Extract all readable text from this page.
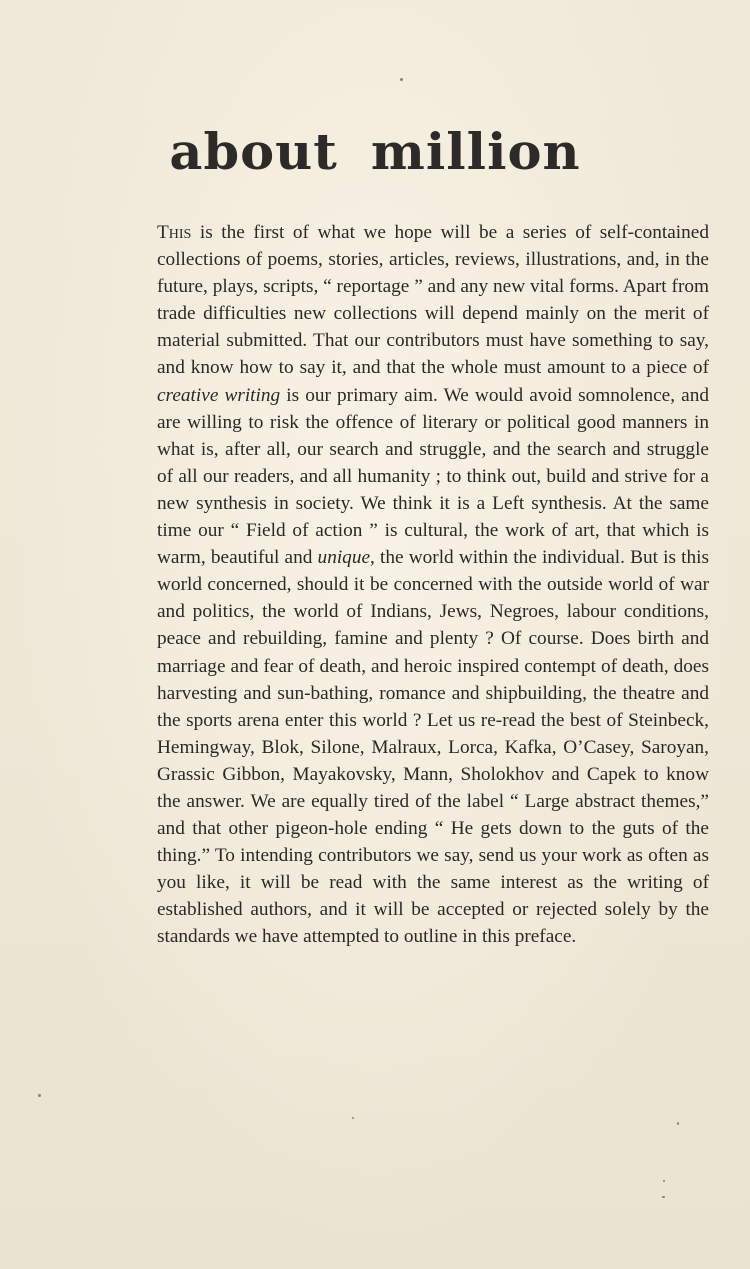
about million

This is the first of what we hope will be a series of self-contained collections of poems, stories, articles, reviews, illustrations, and, in the future, plays, scripts, “ reportage ” and any new vital forms. Apart from trade difficulties new collections will depend mainly on the merit of material submitted. That our contributors must have something to say, and know how to say it, and that the whole must amount to a piece of creative writing is our primary aim. We would avoid somnolence, and are willing to risk the offence of literary or political good manners in what is, after all, our search and struggle, and the search and struggle of all our readers, and all humanity ; to think out, build and strive for a new synthesis in society. We think it is a Left synthesis. At the same time our “ Field of action ” is cultural, the work of art, that which is warm, beautiful and unique, the world within the individual. But is this world concerned, should it be concerned with the outside world of war and politics, the world of Indians, Jews, Negroes, labour conditions, peace and rebuilding, famine and plenty ? Of course. Does birth and marriage and fear of death, and heroic inspired contempt of death, does harvesting and sun-bathing, romance and shipbuilding, the theatre and the sports arena enter this world ? Let us re-read the best of Steinbeck, Hemingway, Blok, Silone, Malraux, Lorca, Kafka, O’Casey, Saroyan, Grassic Gibbon, Mayakovsky, Mann, Sholokhov and Capek to know the answer. We are equally tired of the label “ Large abstract themes,” and that other pigeon-hole ending “ He gets down to the guts of the thing.” To intending contributors we say, send us your work as often as you like, it will be read with the same interest as the writing of established authors, and it will be accepted or rejected solely by the standards we have attempted to outline in this preface.
